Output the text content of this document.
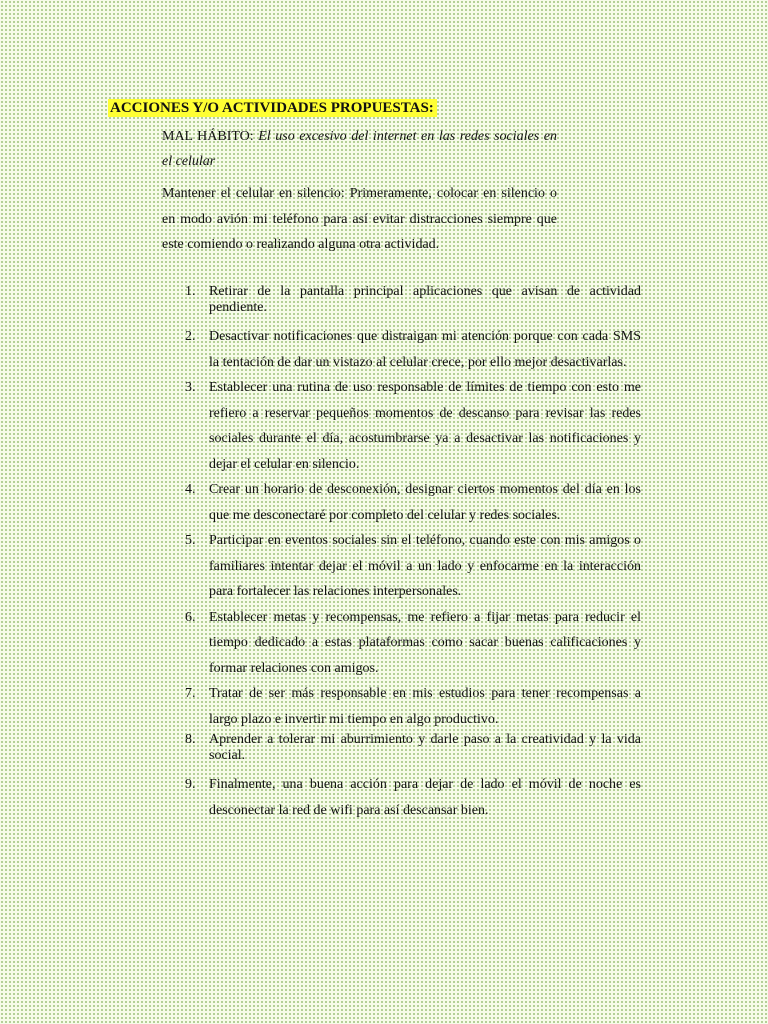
ACCIONES Y/O ACTIVIDADES PROPUESTAS:
MAL HÁBITO: El uso excesivo del internet en las redes sociales en el celular
Mantener el celular en silencio: Primeramente, colocar en silencio o en modo avión mi teléfono para así evitar distracciones siempre que este comiendo o realizando alguna otra actividad.
1. Retirar de la pantalla principal aplicaciones que avisan de actividad pendiente.
2. Desactivar notificaciones que distraigan mi atención porque con cada SMS la tentación de dar un vistazo al celular crece, por ello mejor desactivarlas.
3. Establecer una rutina de uso responsable de límites de tiempo con esto me refiero a reservar pequeños momentos de descanso para revisar las redes sociales durante el día, acostumbrarse ya a desactivar las notificaciones y dejar el celular en silencio.
4. Crear un horario de desconexión, designar ciertos momentos del día en los que me desconectaré por completo del celular y redes sociales.
5. Participar en eventos sociales sin el teléfono, cuando este con mis amigos o familiares intentar dejar el móvil a un lado y enfocarme en la interacción para fortalecer las relaciones interpersonales.
6. Establecer metas y recompensas, me refiero a fijar metas para reducir el tiempo dedicado a estas plataformas como sacar buenas calificaciones y formar relaciones con amigos.
7. Tratar de ser más responsable en mis estudios para tener recompensas a largo plazo e invertir mi tiempo en algo productivo.
8. Aprender a tolerar mi aburrimiento y darle paso a la creatividad y la vida social.
9. Finalmente, una buena acción para dejar de lado el móvil de noche es desconectar la red de wifi para así descansar bien.
